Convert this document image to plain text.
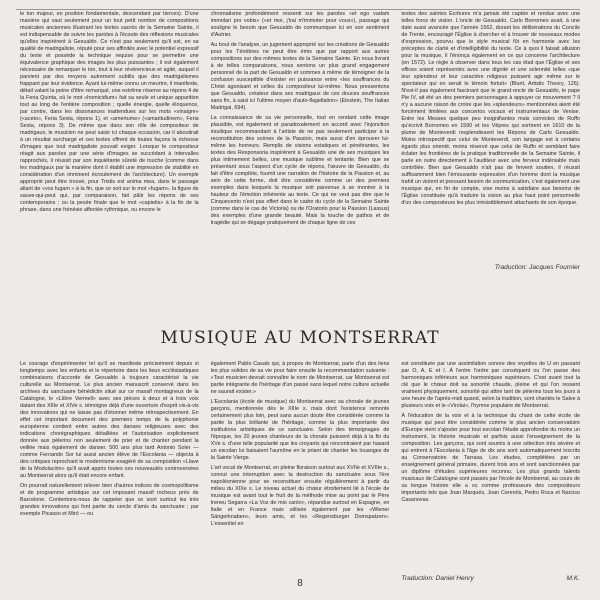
le ton majeur, en position fondamentale, descendant par tierces). D'une manière qui vaut seulement pour un tout petit nombre de compositions musicales anciennes illustrant les textes sacrés de la Semaine Sainte, il est indispensable de suivre les paroles à l'écoute des réflexions musicales qu'elles inspirèrent à Gesualdo. Ce n'est pas seulement qu'il est, en sa qualité de madrigaliste, réputé pour ses affinités avec le potentiel expressif du texte et possède la technique requise pour se permettre une équivalence graphique des images les plus puissantes ; il est également nécessaire de remarquer le ton, tout à leur révérencieux et agité, auquel il parvient par des moyens autrement subtils que des madrigalismes frappant par leur évidence. Ayant lui-même connu un meurtre, il manifeste, détail valant la peine d'être remarqué, une extrême réserve au répons 4 de la Feria Quinta, où le mot «homicidium» fait sa seule et unique apparition tout au long de l'entière composition ; quelle énergie, quelle éloquence, par contre, dans les dissonances inattendues sur les mots «vinaigre» («aceto», Feria Sexta, répons 1), et «amertume» («amaritudinem», Feria Sexta, répons 3). De même que dans son rôle de compositeur de madrigaux, le musicien ne peut saisir ici chaque occasion, car il aboutirait à un résultat surchargé et ces textes offrent de toutes façons la richesse d'images que tout madrigaliste pouvait exiger. Lorsque le compositeur réagit aux paroles par une série d'images se succédant à intervalles rapprochés, il réussit par son inquiétante sûreté de touche (comme dans les madrigaux par la manière dont il établit une impression de stabilité en considération d'un imminent écroulement de l'architecture). Un exemple approprié peut être trouvé, pour Tristis est anima mea, dans le passage allant de «vos fugam » à la fin, que ce soit sur le mot «fugam», la figure de sauve-qui-peut qui, par comparaison, fait pâlir les répons de ses contemporains ; ou la pesée finale que le mot «capietis» à la fin de la phrase, dans une frénésie affectée rythmique, ou encore le

chromatisme profondément ressenti sur les paroles «et ego vadam immolari pro vobis» («et moi, j'irai m'immoler pour vous»), passage qui souligne le besoin que Gesualdo de communiquer ici en son sentiment d'Autrier.

Au bout de l'analyse, un jugement approprié sur les créations de Gesualdo pour les Ténèbres ne peut être émis que par rapport aux autres compositions sur des mêmes textes de la Semaine Sainte. En nous livrant à de telles comparaisons, nous sentons un plus grand engagement personnel de la part de Gesualdo et sommes à même de témoigner de la confusion susceptible d'exister en puissance entre «les souffrances du Christ agonisant et celles du compositeur lui-même. Nous pressentons que Gesualdo, créateur dans ses madrigaux de ces douces souffrances sans fin, à saisi ici l'ultime moyen d'auto-flagellation» (Einstein, The Italian Madrigal, 694).

La connaissance de sa vie personnelle, tout en rendant cette image plausible, est également et paradoxalement en accord avec l'injonction ésuitique recommandant à l'artiste de ne pas seulement participer à la reconstitution des scènes de la Passion, mais aussi d'en éprouver lui-même les horreurs. Remplis de visions extatiques et pénétrantes, les textes des Responsoria inspirèrent à Gesualdo une de ses musiques les plus intimement belles, une musique sublime et tentante. Bien que se présentant sous l'aspect d'un cycle de répons, l'œuvre de Gesualdo, du fait d'être complète, fournit une narration de l'histoire de la Passion et, au sein de cette forme, doit être considérée comme un des premiers exemples dans lesquels la musique soit parvenue à se montrer à la hauteur de l'émotion inhérente au texte. Ce qui ne veut pas dire que le Cinquecento n'est pas offert dans le cadre du cycle de la Semaine Sainte (comme dans le cas de Victoria) ou de l'Oratorio pour la Passion (Lassus) des exemples d'une grande beauté. Mais la touche de pathos et de tragédie qui se dégage pratiquement de chaque ligne de ces

textes des saintes Écritures m'a jamais été captée et rendue avec une telles force de vision. L'oncle de Gesualdo, Carlo Borromeo avait, à une date aussi avancée que l'année 1562, durant les délibérations du Concile de Trente, encouragé l'Église à chercher et à trouver de nouveaux modes d'expression, pourvu que le style musical fût en harmonie avec les préceptes de clarté et d'intelligibilité du texte. Ce à quoi il faisait allusion pour la musique, il l'énonça également en ce qui concerne l'architecture (en 1572). Le règle à observer dans tous les cas était que l'Église et ses offices soient représentés avec une dignité et une solennité telles «que leur splendeur et leur caractère religieux puissent agir même sur le spectateur qui en serait le témoin fortuit» (Blunt, Artistic Theory, 126). N'est-il pas également fascinant que le grand-oncle de Gesualdo, le pape Pie IV, ait été un des premiers personnages à appuyer ce mouvement ? Il n'y a aucune raison de croire que les «splendeurs» mentionnées aient été forcément limitées aux concertos vocaux et instrumentaux de Venise. Entre les Messes quelque peu insignifiantes mais correctes de Ruffo qu'écrivit Borromeo en 1590 et les Vêpres qui sortirent en 1610 de la plume de Monteverdi resplendissent les Répons de Carlo Gesualdo. Moins introspectif que celui de Monteverdi, son langage est à certains égards plus orienté, moins réservé que celui de Ruffo et semblant faire éclater les frontières de la pratique traditionnelle de la Semaine Sainte, il parle en outre directement à l'auditeur avec une ferveur indéniable mais contrôlée. Bien que Gesualdo n'ait pas de fervent soutien, il réussit suffisamment bien l'émouvante expression d'un homme dont la musique trahit un violent et pressant besoin de communication, c'est également une musique qui, en fin de compte, vise moins à satisfaire aux besoins de l'Église constituée qu'à traduire la vision au plus haut point personnelle d'un des compositeurs les plus irrésistiblement attachants de son époque.

Traduction: Jacques Fournier
MUSIQUE AU MONTSERRAT

Le courage d'expérimenter tel qu'il se manifeste précisément depuis si longtemps avec les enfants et le répertoire dans les lieux ecclésiastiques combinaisons d'accorde de Gesualdo à toujours caractérisé la vie culturelle au Montserrat. Le plus ancien manuscrit conservé dans les archives du sanctuaire bénédictin situé sur ce massif montagneux de la Catalogne, le «Llibre Vermell» avec ses pièces à deux et à trois voix datant des XIIIe et XIVe s. témoigne déjà d'une ouverture d'esprit vis-à-vis des innovations qui ne laisse pas d'étonner même rétrospectivement. En effet cet important document des premiers temps de la polyphonie européenne contient entre autres des danses religieuses avec des indications chorégraphiques détaillées et l'autorisation explicitement donnée aux pèlerins non seulement de prier et de chanter pendant la veillée mais également de danser. 500 ans plus tard Antonio Soler — comme Fernando Sor lui aussi ancien élève de l'Escolania — objecta à des critiques reprochant le modernisme exagéré de sa composition «Llave de la Modulación» qu'il avait appris toutes ces nouveautés controversées au Montserrat alors qu'il était encore enfant.

On pourrait naturellement relever bien d'autres indices de cosmopolitisme et de programme artistique sur cet imposant massif rocheux près de Barcelone. Contentons-nous de rappeler que ce sont surtout les très grandes innovations qui font partie du cercle d'amis du sanctuaire ; par exemple Picasso et Miró — ou

également Pablo Casals qui, à propos de Montserrat, parle d'un des liens les plus solides de sa vie pour faire ensuite la recommandation suivante : «Tout musicien devrait connaître le nom de Montserrat, car Montserrat est partie intégrante de l'héritage d'un passé sans lequel notre culture actuelle ne saurait exister.»

L'Escolania (école de musique) du Montserrat avec sa chorale de jeunes garçons, mentionnée dès le XIIIe s. mais dont l'existence remonte certainement plus loin, peut sans aucun doute être considérée comme la partie la plus brillante de l'héritage, comme la plus importante des institutions artistiques de ce sanctuaire. Selon des témoignages de l'époque, les 20 jeunes chanteurs de la chorale puissent déjà à la fin du XVe s. d'une telle popularité que les croyants qui rencontraient par hasard un escolan lui baisaient l'aumône en le priant de chanter les louanges de la Sainte Vierge.

L'art vocal de Montserrat, en pleine floraison surtout aux XVIIe et XVIIIe s., connut une interruption avec la destruction du sanctuaire sous l'ère napoléonienne pour se reconstituer ensuite régulièrement à partir du milieu du XIXe s. Le niveau actuel du chœur étroitement lié à l'école de musique est avant tout le fruit de la méthode mise au point par le Père Ireneu Segarra «La Voz de mio canto», répandue surtout en Espagne, en Italie et en France mais utilisée également par les «Wiener Sängerknaben», leurs amis, et les «Regensburger Domspatzen». L'essentiel en

est constituée par une assimilation sonore des voyelles de U en passant par O, A, E et I. À l'entre l'ordre par conséquent ou l'on passe des harmoniques inférieurs aux harmoniques supérieurs. C'est avant tout la clé que le chœur doit sa sonorité chaude, pleine et qui l'on ressent vraiment physiquement, sonorité qui attire tant de pèlerins tous les jours à une heure de l'après-midi quand, selon la tradition, sont chantés le Salve à plusieurs voix et le «Virolai», l'hymne populaire de Montserrat.

À l'éducation de la voix et à la technique du chant de cette école de musique qui peut être considérée comme le plus ancien conservatoire d'Europe vient s'ajouter pour tout escolan l'étude approfondie du moins un instrument, la théorie musicale et parfois aussi l'enseignement de la composition. Les garçons, qui sont soumis à une sélection très sévère et qui entrent à l'Escolania à l'âge de dix ans sont automatiquement inscrits au Conservatoire de Tarrasa. Les études, complétées par un enseignement général primaire, durent trois ans et sont sanctionnées par un diplôme d'études supérieures reconnu. Les plus grands talents musicaux de Catalogne sont passés par l'école de Montserrat, au cours de sa longue histoire elle a vu comme professeurs des compositeurs importants tels que Joan Marqués, Joan Cererols, Pedro Roca et Narciso Casanovas.

Traduction: Daniel Henry	M.K.
8
